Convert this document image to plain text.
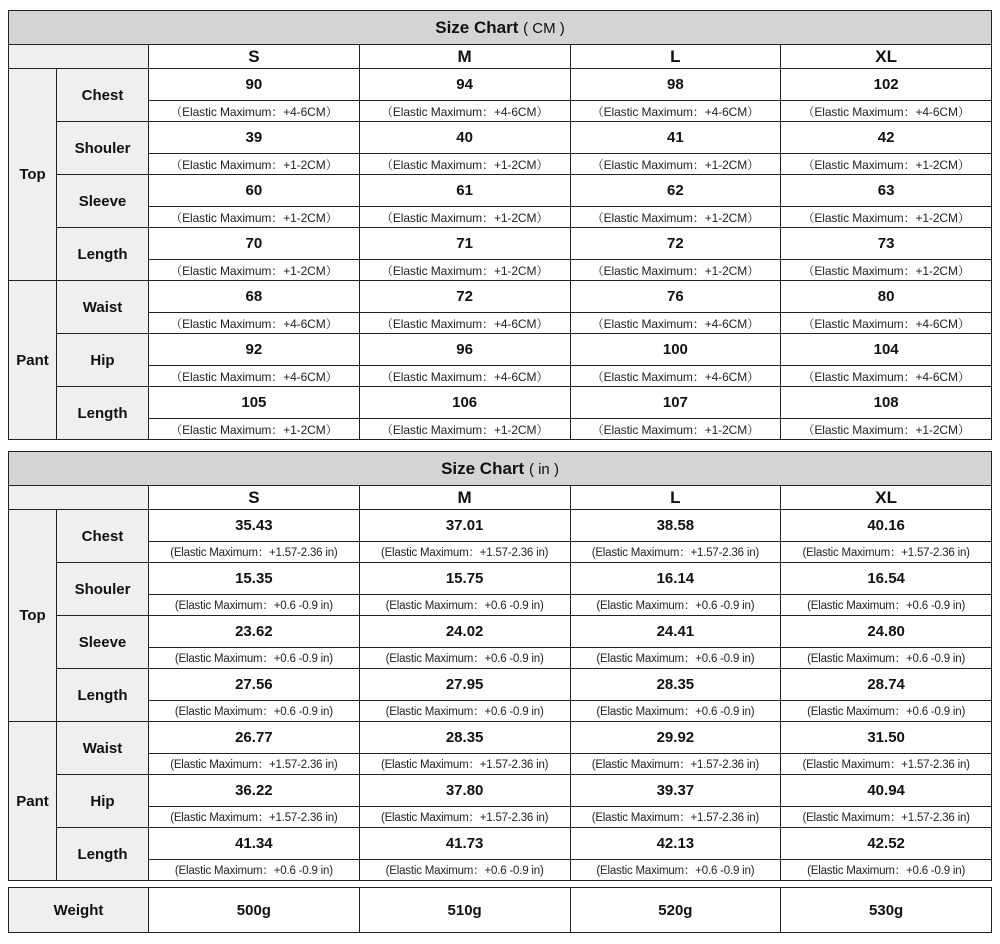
Size Chart ( CM )					
		S	M	L	XL
Top	Chest	90	94	98	102
		（Elastic Maximum：+4-6CM）	（Elastic Maximum：+4-6CM）	（Elastic Maximum：+4-6CM）	（Elastic Maximum：+4-6CM）
	Shouler	39	40	41	42
		（Elastic Maximum：+1-2CM）	（Elastic Maximum：+1-2CM）	（Elastic Maximum：+1-2CM）	（Elastic Maximum：+1-2CM）
	Sleeve	60	61	62	63
		（Elastic Maximum：+1-2CM）	（Elastic Maximum：+1-2CM）	（Elastic Maximum：+1-2CM）	（Elastic Maximum：+1-2CM）
	Length	70	71	72	73
		（Elastic Maximum：+1-2CM）	（Elastic Maximum：+1-2CM）	（Elastic Maximum：+1-2CM）	（Elastic Maximum：+1-2CM）
Pant	Waist	68	72	76	80
		（Elastic Maximum：+4-6CM）	（Elastic Maximum：+4-6CM）	（Elastic Maximum：+4-6CM）	（Elastic Maximum：+4-6CM）
	Hip	92	96	100	104
		（Elastic Maximum：+4-6CM）	（Elastic Maximum：+4-6CM）	（Elastic Maximum：+4-6CM）	（Elastic Maximum：+4-6CM）
	Length	105	106	107	108
		（Elastic Maximum：+1-2CM）	（Elastic Maximum：+1-2CM）	（Elastic Maximum：+1-2CM）	（Elastic Maximum：+1-2CM）
Size Chart ( in )					
		S	M	L	XL
Top	Chest	35.43	37.01	38.58	40.16
		(Elastic Maximum：+1.57-2.36 in)	(Elastic Maximum：+1.57-2.36 in)	(Elastic Maximum：+1.57-2.36 in)	(Elastic Maximum：+1.57-2.36 in)
	Shouler	15.35	15.75	16.14	16.54
		(Elastic Maximum：+0.6 -0.9 in)	(Elastic Maximum：+0.6 -0.9 in)	(Elastic Maximum：+0.6 -0.9 in)	(Elastic Maximum：+0.6 -0.9 in)
	Sleeve	23.62	24.02	24.41	24.80
		(Elastic Maximum：+0.6 -0.9 in)	(Elastic Maximum：+0.6 -0.9 in)	(Elastic Maximum：+0.6 -0.9 in)	(Elastic Maximum：+0.6 -0.9 in)
	Length	27.56	27.95	28.35	28.74
		(Elastic Maximum：+0.6 -0.9 in)	(Elastic Maximum：+0.6 -0.9 in)	(Elastic Maximum：+0.6 -0.9 in)	(Elastic Maximum：+0.6 -0.9 in)
Pant	Waist	26.77	28.35	29.92	31.50
		(Elastic Maximum：+1.57-2.36 in)	(Elastic Maximum：+1.57-2.36 in)	(Elastic Maximum：+1.57-2.36 in)	(Elastic Maximum：+1.57-2.36 in)
	Hip	36.22	37.80	39.37	40.94
		(Elastic Maximum：+1.57-2.36 in)	(Elastic Maximum：+1.57-2.36 in)	(Elastic Maximum：+1.57-2.36 in)	(Elastic Maximum：+1.57-2.36 in)
	Length	41.34	41.73	42.13	42.52
		(Elastic Maximum：+0.6 -0.9 in)	(Elastic Maximum：+0.6 -0.9 in)	(Elastic Maximum：+0.6 -0.9 in)	(Elastic Maximum：+0.6 -0.9 in)
Weight	500g	510g	520g	530g
